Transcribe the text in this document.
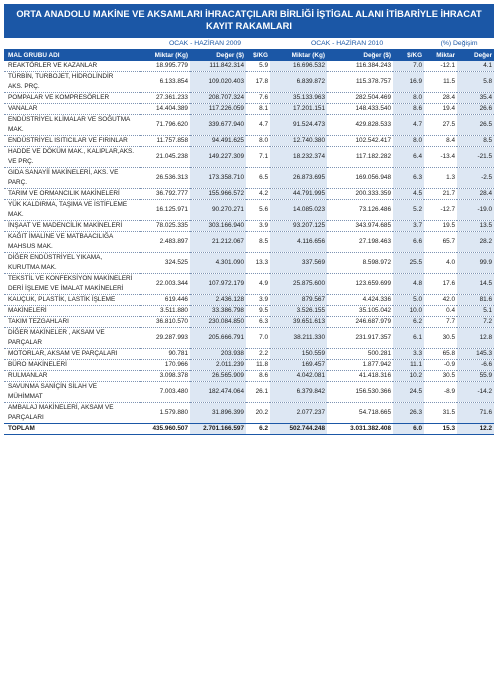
ORTA ANADOLU MAKİNE VE AKSAMLARI İHRACATÇILARI BİRLİĞİ İŞTİGAL ALANI İTİBARİYLE İHRACAT
KAYIT RAKAMLARI
	OCAK - HAZİRAN 2009			OCAK - HAZİRAN 2010			(%) Değişim	
MAL GRUBU ADI	Miktar (Kg)	Değer ($)	$/KG	Miktar (Kg)	Değer ($)	$/KG	Miktar	Değer

REAKTÖRLER VE KAZANLAR	18.995.779	111.842.314	5.9	16.696.532	116.384.243	7.0	-12.1	4.1

TÜRBİN, TURBOJET, HİDROLİNDİR
AKS. PRÇ.	6.133.854	109.020.403	17.8	6.839.872	115.378.757	16.9	11.5	5.8

POMPALAR VE KOMPRESÖRLER	27.361.233	208.707.324	7.6	35.133.963	282.504.469	8.0	28.4	35.4

VANALAR	14.404.389	117.226.059	8.1	17.201.151	148.433.540	8.6	19.4	26.6

ENDÜSTRİYEL KLİMALAR VE SOĞUTMA
MAK.	71.796.620	339.677.940	4.7	91.524.473	429.828.533	4.7	27.5	26.5

ENDÜSTRİYEL ISITICILAR VE FIRINLAR	11.757.858	94.491.625	8.0	12.740.380	102.542.417	8.0	8.4	8.5

HADDE VE DÖKÜM MAK., KALIPLAR,AKS.
VE PRÇ.	21.045.238	149.227.309	7.1	18.232.374	117.182.282	6.4	-13.4	-21.5

GIDA SANAYİİ MAKİNELERİ, AKS. VE
PARÇ.	26.536.313	173.358.710	6.5	26.873.695	169.056.948	6.3	1.3	-2.5

TARIM VE ORMANCILIK MAKİNELERİ	36.792.777	155.966.572	4.2	44.791.995	200.333.359	4.5	21.7	28.4

YÜK KALDIRMA, TAŞIMA VE İSTİFLEME
MAK.	16.125.971	90.270.271	5.6	14.085.023	73.126.486	5.2	-12.7	-19.0

İNŞAAT VE MADENCİLİK MAKİNELERİ	78.025.335	303.166.940	3.9	93.207.125	343.974.685	3.7	19.5	13.5

KAĞIT İMALİNE VE MATBAACILIĞA
MAHSUS MAK.	2.483.897	21.212.067	8.5	4.116.656	27.198.463	6.6	65.7	28.2

DİĞER ENDÜSTRİYEL YIKAMA,
KURUTMA MAK.	324.525	4.301.090	13.3	337.569	8.598.972	25.5	4.0	99.9

TEKSTİL VE KONFEKSİYON MAKİNELERİ
DERİ İŞLEME VE İMALAT MAKİNELERİ	22.003.344	107.972.179	4.9	25.875.600	123.659.699	4.8	17.6	14.5

KAUÇUK, PLASTİK, LASTİK İŞLEME	619.446	2.436.128	3.9	879.567	4.424.336	5.0	42.0	81.6

MAKİNELERİ	3.511.880	33.386.798	9.5	3.526.155	35.105.042	10.0	0.4	5.1

TAKIM TEZGAHLARI	36.810.570	230.084.850	6.3	39.651.613	246.687.979	6.2	7.7	7.2

DİĞER MAKİNELER , AKSAM VE
PARÇALAR	29.287.993	205.666.791	7.0	38.211.330	231.917.357	6.1	30.5	12.8

MOTORLAR, AKSAM VE PARÇALARI	90.781	203.938	2.2	150.559	500.281	3.3	65.8	145.3

BÜRO MAKİNELERİ	170.966	2.011.239	11.8	169.457	1.877.942	11.1	-0.9	-6.6

RULMANLAR	3.098.378	26.565.909	8.6	4.042.081	41.418.316	10.2	30.5	55.9

SAVUNMA SANİÇİN SİLAH VE
MÜHİMMAT	7.003.480	182.474.064	26.1	6.379.842	156.530.366	24.5	-8.9	-14.2

AMBALAJ MAKİNELERİ, AKSAM VE
PARÇALARI	1.579.880	31.896.399	20.2	2.077.237	54.718.665	26.3	31.5	71.6
TOPLAM	435.960.507	2.701.166.597	6.2	502.744.248	3.031.382.408	6.0	15.3	12.2
